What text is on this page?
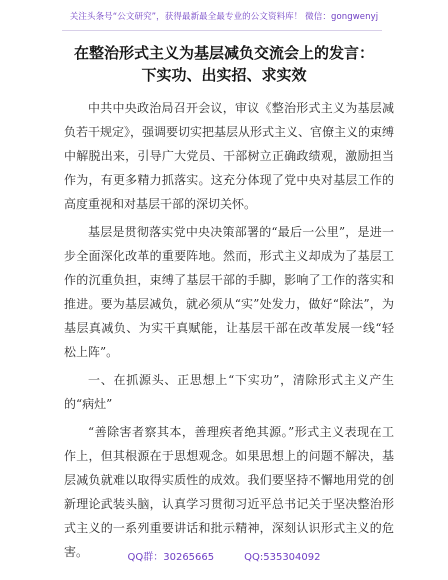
关注头条号“公文研究”，获得最新最全最专业的公文资料库！ 微信：gongwenyj
在整治形式主义为基层减负交流会上的发言：
下实功、出实招、求实效

中共中央政治局召开会议，审议《整治形式主义为基层减负若干规定》，强调要切实把基层从形式主义、官僚主义的束缚中解脱出来，引导广大党员、干部树立正确政绩观，激励担当作为，有更多精力抓落实。这充分体现了党中央对基层工作的高度重视和对基层干部的深切关怀。

基层是贯彻落实党中央决策部署的“最后一公里”，是进一步全面深化改革的重要阵地。然而，形式主义却成为了基层工作的沉重负担，束缚了基层干部的手脚，影响了工作的落实和推进。要为基层减负，就必须从“实”处发力，做好“除法”，为基层真减负、为实干真赋能，让基层干部在改革发展一线“轻松上阵”。

一、在抓源头、正思想上“下实功”，清除形式主义产生的“病灶”

“善除害者察其本，善理疾者绝其源。”形式主义表现在工作上，但其根源在于思想观念。如果思想上的问题不解决，基层减负就难以取得实质性的成效。我们要坚持不懈地用党的创新理论武装头脑，认真学习贯彻习近平总书记关于坚决整治形式主义的一系列重要讲话和批示精神，深刻认识形式主义的危害。	QQ群：30265665	QQ:535304092
